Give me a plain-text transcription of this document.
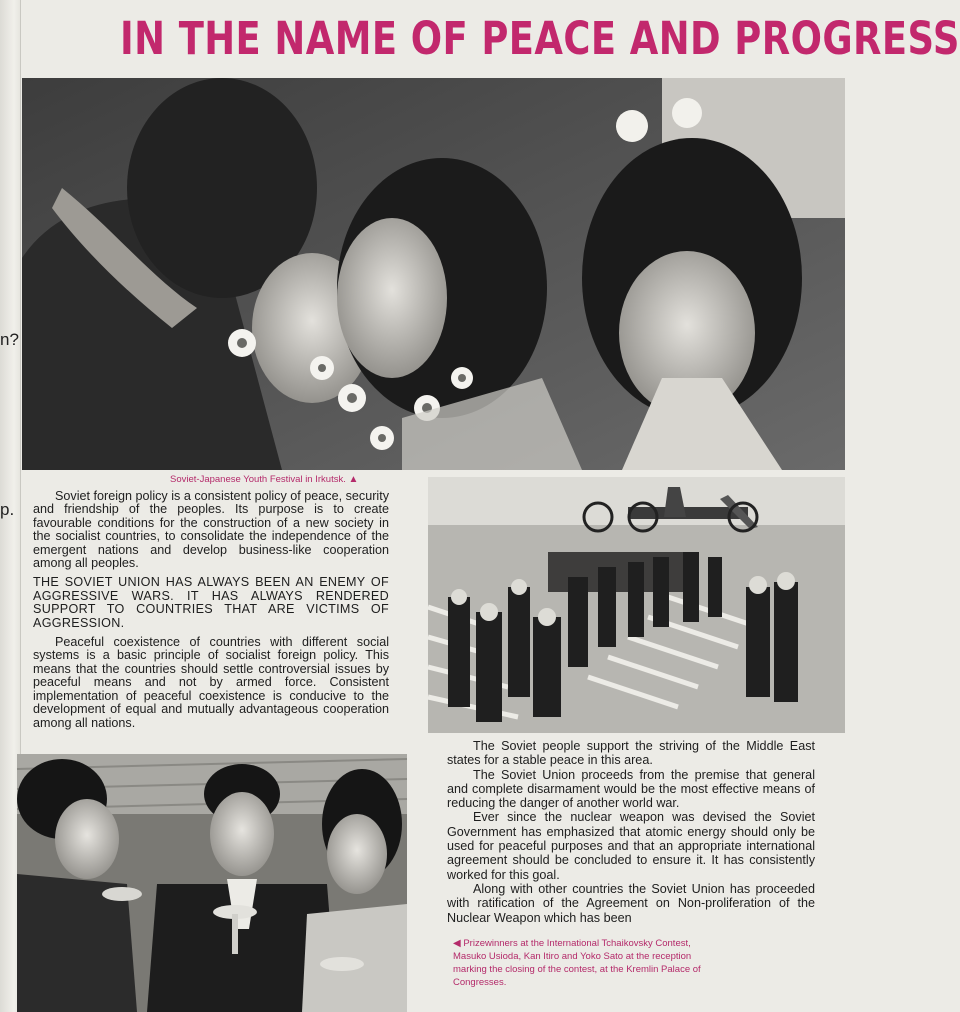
n?
p.
IN THE NAME OF PEACE AND PROGRESS
Soviet-Japanese Youth Festival in Irkutsk. ▲

Soviet foreign policy is a consistent policy of peace, security and friendship of the peoples. Its purpose is to create favourable conditions for the construction of a new society in the socialist countries, to consolidate the independence of the emergent nations and develop business-like cooperation among all peoples.

THE SOVIET UNION HAS ALWAYS BEEN AN ENEMY OF AGGRESSIVE WARS. IT HAS ALWAYS RENDERED SUPPORT TO COUNTRIES THAT ARE VICTIMS OF AGGRESSION.

Peaceful coexistence of countries with different social systems is a basic principle of socialist foreign policy. This means that the countries should settle controversial issues by peaceful means and not by armed force. Consistent implementation of peaceful coexistence is conducive to the development of equal and mutually advantageous cooperation among all nations.

The Soviet people support the striving of the Middle East states for a stable peace in this area.

The Soviet Union proceeds from the premise that general and complete disarmament would be the most effective means of reducing the danger of another world war.

Ever since the nuclear weapon was devised the Soviet Government has emphasized that atomic energy should only be used for peaceful purposes and that an appropriate international agreement should be concluded to ensure it. It has consistently worked for this goal.

Along with other countries the Soviet Union has proceeded with ratification of the Agreement on Non-proliferation of the Nuclear Weapon which has been

◀ Prizewinners at the International Tchaikovsky Contest, Masuko Usioda, Kan Itiro and Yoko Sato at the reception marking the closing of the contest, at the Kremlin Palace of Congresses.
